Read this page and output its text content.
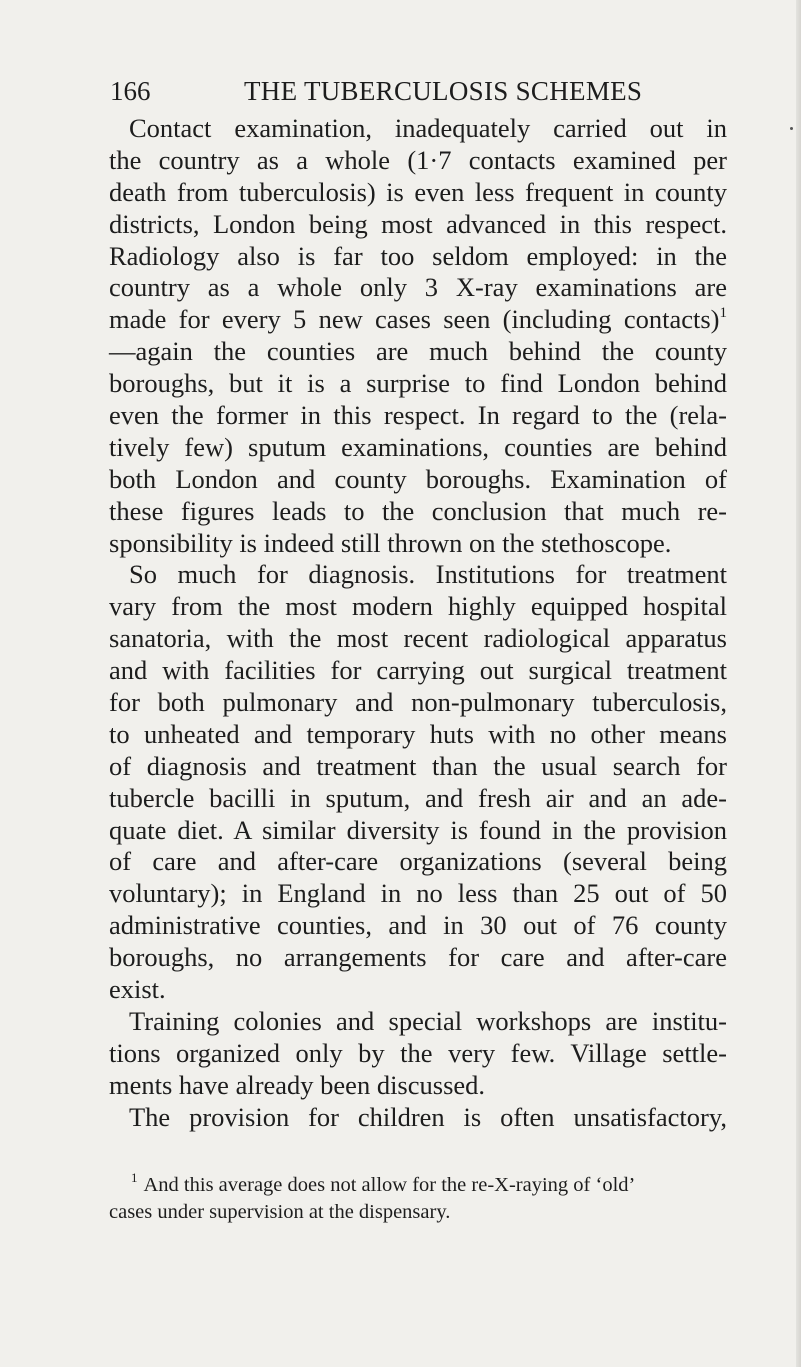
166	THE TUBERCULOSIS SCHEMES
Contact examination, inadequately carried out in
the country as a whole (1·7 contacts examined per
death from tuberculosis) is even less frequent in county
districts, London being most advanced in this respect.
Radiology also is far too seldom employed: in the
country as a whole only 3 X-ray examinations are
made for every 5 new cases seen (including contacts)$^1$
—again the counties are much behind the county
boroughs, but it is a surprise to find London behind
even the former in this respect. In regard to the (rela-
tively few) sputum examinations, counties are behind
both London and county boroughs. Examination of
these figures leads to the conclusion that much re-
sponsibility is indeed still thrown on the stethoscope.
So much for diagnosis. Institutions for treatment
vary from the most modern highly equipped hospital
sanatoria, with the most recent radiological apparatus
and with facilities for carrying out surgical treatment
for both pulmonary and non-pulmonary tuberculosis,
to unheated and temporary huts with no other means
of diagnosis and treatment than the usual search for
tubercle bacilli in sputum, and fresh air and an ade-
quate diet. A similar diversity is found in the provision
of care and after-care organizations (several being
voluntary); in England in no less than 25 out of 50
administrative counties, and in 30 out of 76 county
boroughs, no arrangements for care and after-care
exist.
Training colonies and special workshops are institu-
tions organized only by the very few. Village settle-
ments have already been discussed.
The provision for children is often unsatisfactory,
$^1$ And this average does not allow for the re-X-raying of ‘old’
cases under supervision at the dispensary.
